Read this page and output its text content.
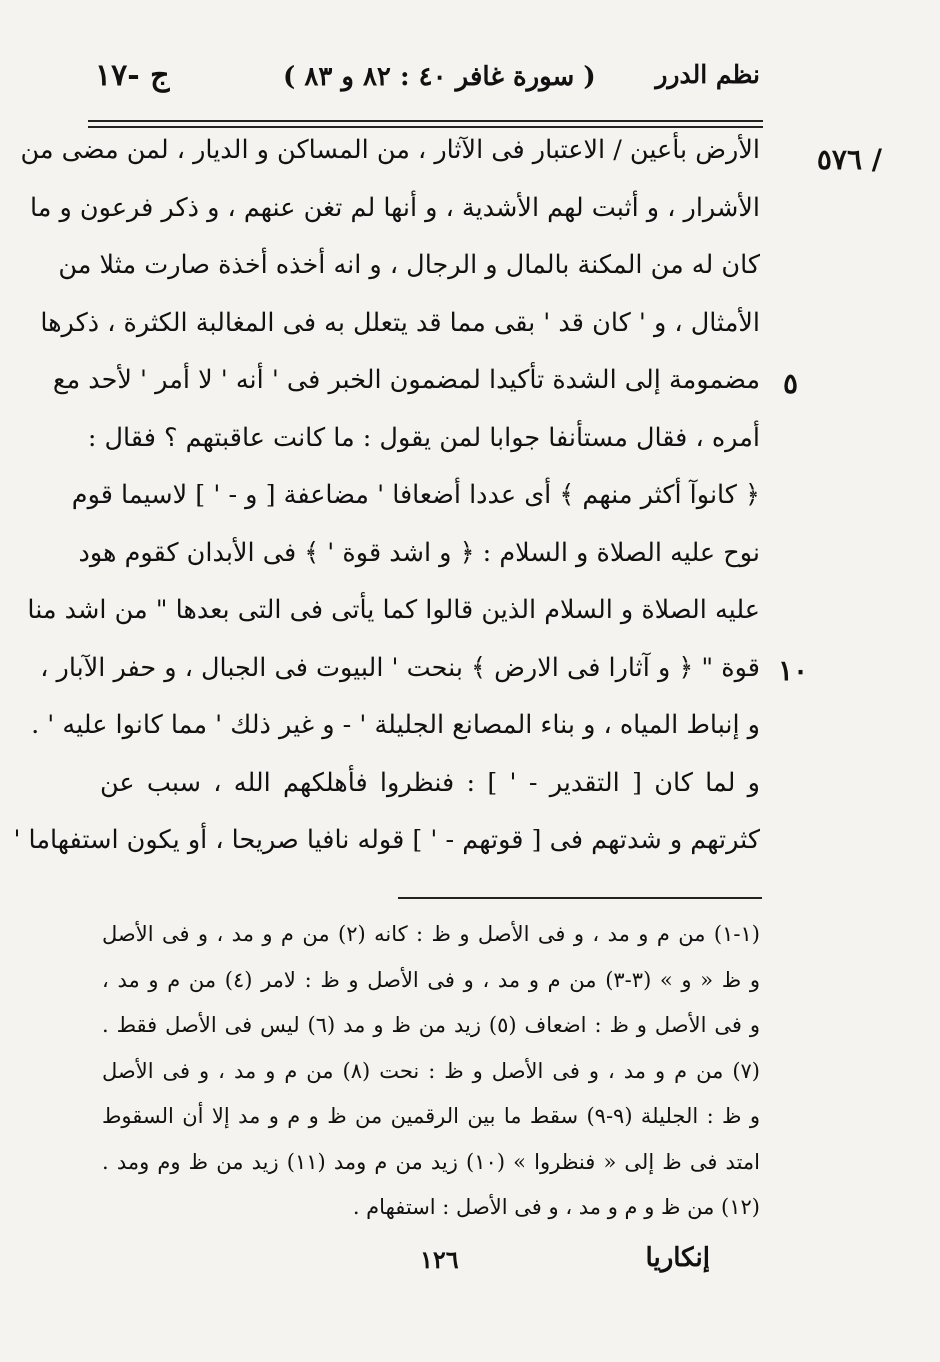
نظم الدرر
( سورة غافر ٤٠ : ٨٢ و ٨٣ )
ج -١٧
/ ٥٧٦
٥
١٠
الأرض بأعين / الاعتبار فى الآثار ، من المساكن و الديار ، لمن مضى من
الأشرار ، و أثبت لهم الأشدية ، و أنها لم تغن عنهم ، و ذكر فرعون و ما
كان له من المكنة بالمال و الرجال ، و انه أخذه أخذة صارت مثلا من
الأمثال ، و ' كان قد ' بقى مما قد يتعلل به فى المغالبة الكثرة ، ذكرها
مضمومة إلى الشدة تأكيدا لمضمون الخبر فى ' أنه ' لا أمر ' لأحد مع
أمره ، فقال مستأنفا جوابا لمن يقول : ما كانت عاقبتهم ؟ فقال :
﴿ كانوآ أكثر منهم ﴾ أى عددا أضعافا ' مضاعفة [ و - ' ] لاسيما قوم
نوح عليه الصلاة و السلام : ﴿ و اشد قوة ' ﴾ فى الأبدان كقوم هود
عليه الصلاة و السلام الذين قالوا كما يأتى فى التى بعدها " من اشد منا
قوة " ﴿ و آثارا فى الارض ﴾ بنحت ' البيوت فى الجبال ، و حفر الآبار ،
و إنباط المياه ، و بناء المصانع الجليلة ' - و غير ذلك ' مما كانوا عليه ' .
و لما كان [ التقدير - ' ] : فنظروا فأهلكهم الله ، سبب عن
كثرتهم و شدتهم فى [ قوتهم - ' ] قوله نافيا صريحا ، أو يكون استفهاما '
(١-١) من م و مد ، و فى الأصل و ظ : كانه (٢) من م و مد ، و فى الأصل
و ظ « و » (٣-٣) من م و مد ، و فى الأصل و ظ : لامر (٤) من م و مد ،
و فى الأصل و ظ : اضعاف (٥) زيد من ظ و مد (٦) ليس فى الأصل فقط .
(٧) من م و مد ، و فى الأصل و ظ : نحت (٨) من م و مد ، و فى الأصل
و ظ : الجليلة (٩-٩) سقط ما بين الرقمين من ظ و م و مد إلا أن السقوط
امتد فى ظ إلى « فنظروا » (١٠) زيد من م ومد (١١) زيد من ظ وم ومد .
(١٢) من ظ و م و مد ، و فى الأصل : استفهام .
إنكاريا
١٢٦
